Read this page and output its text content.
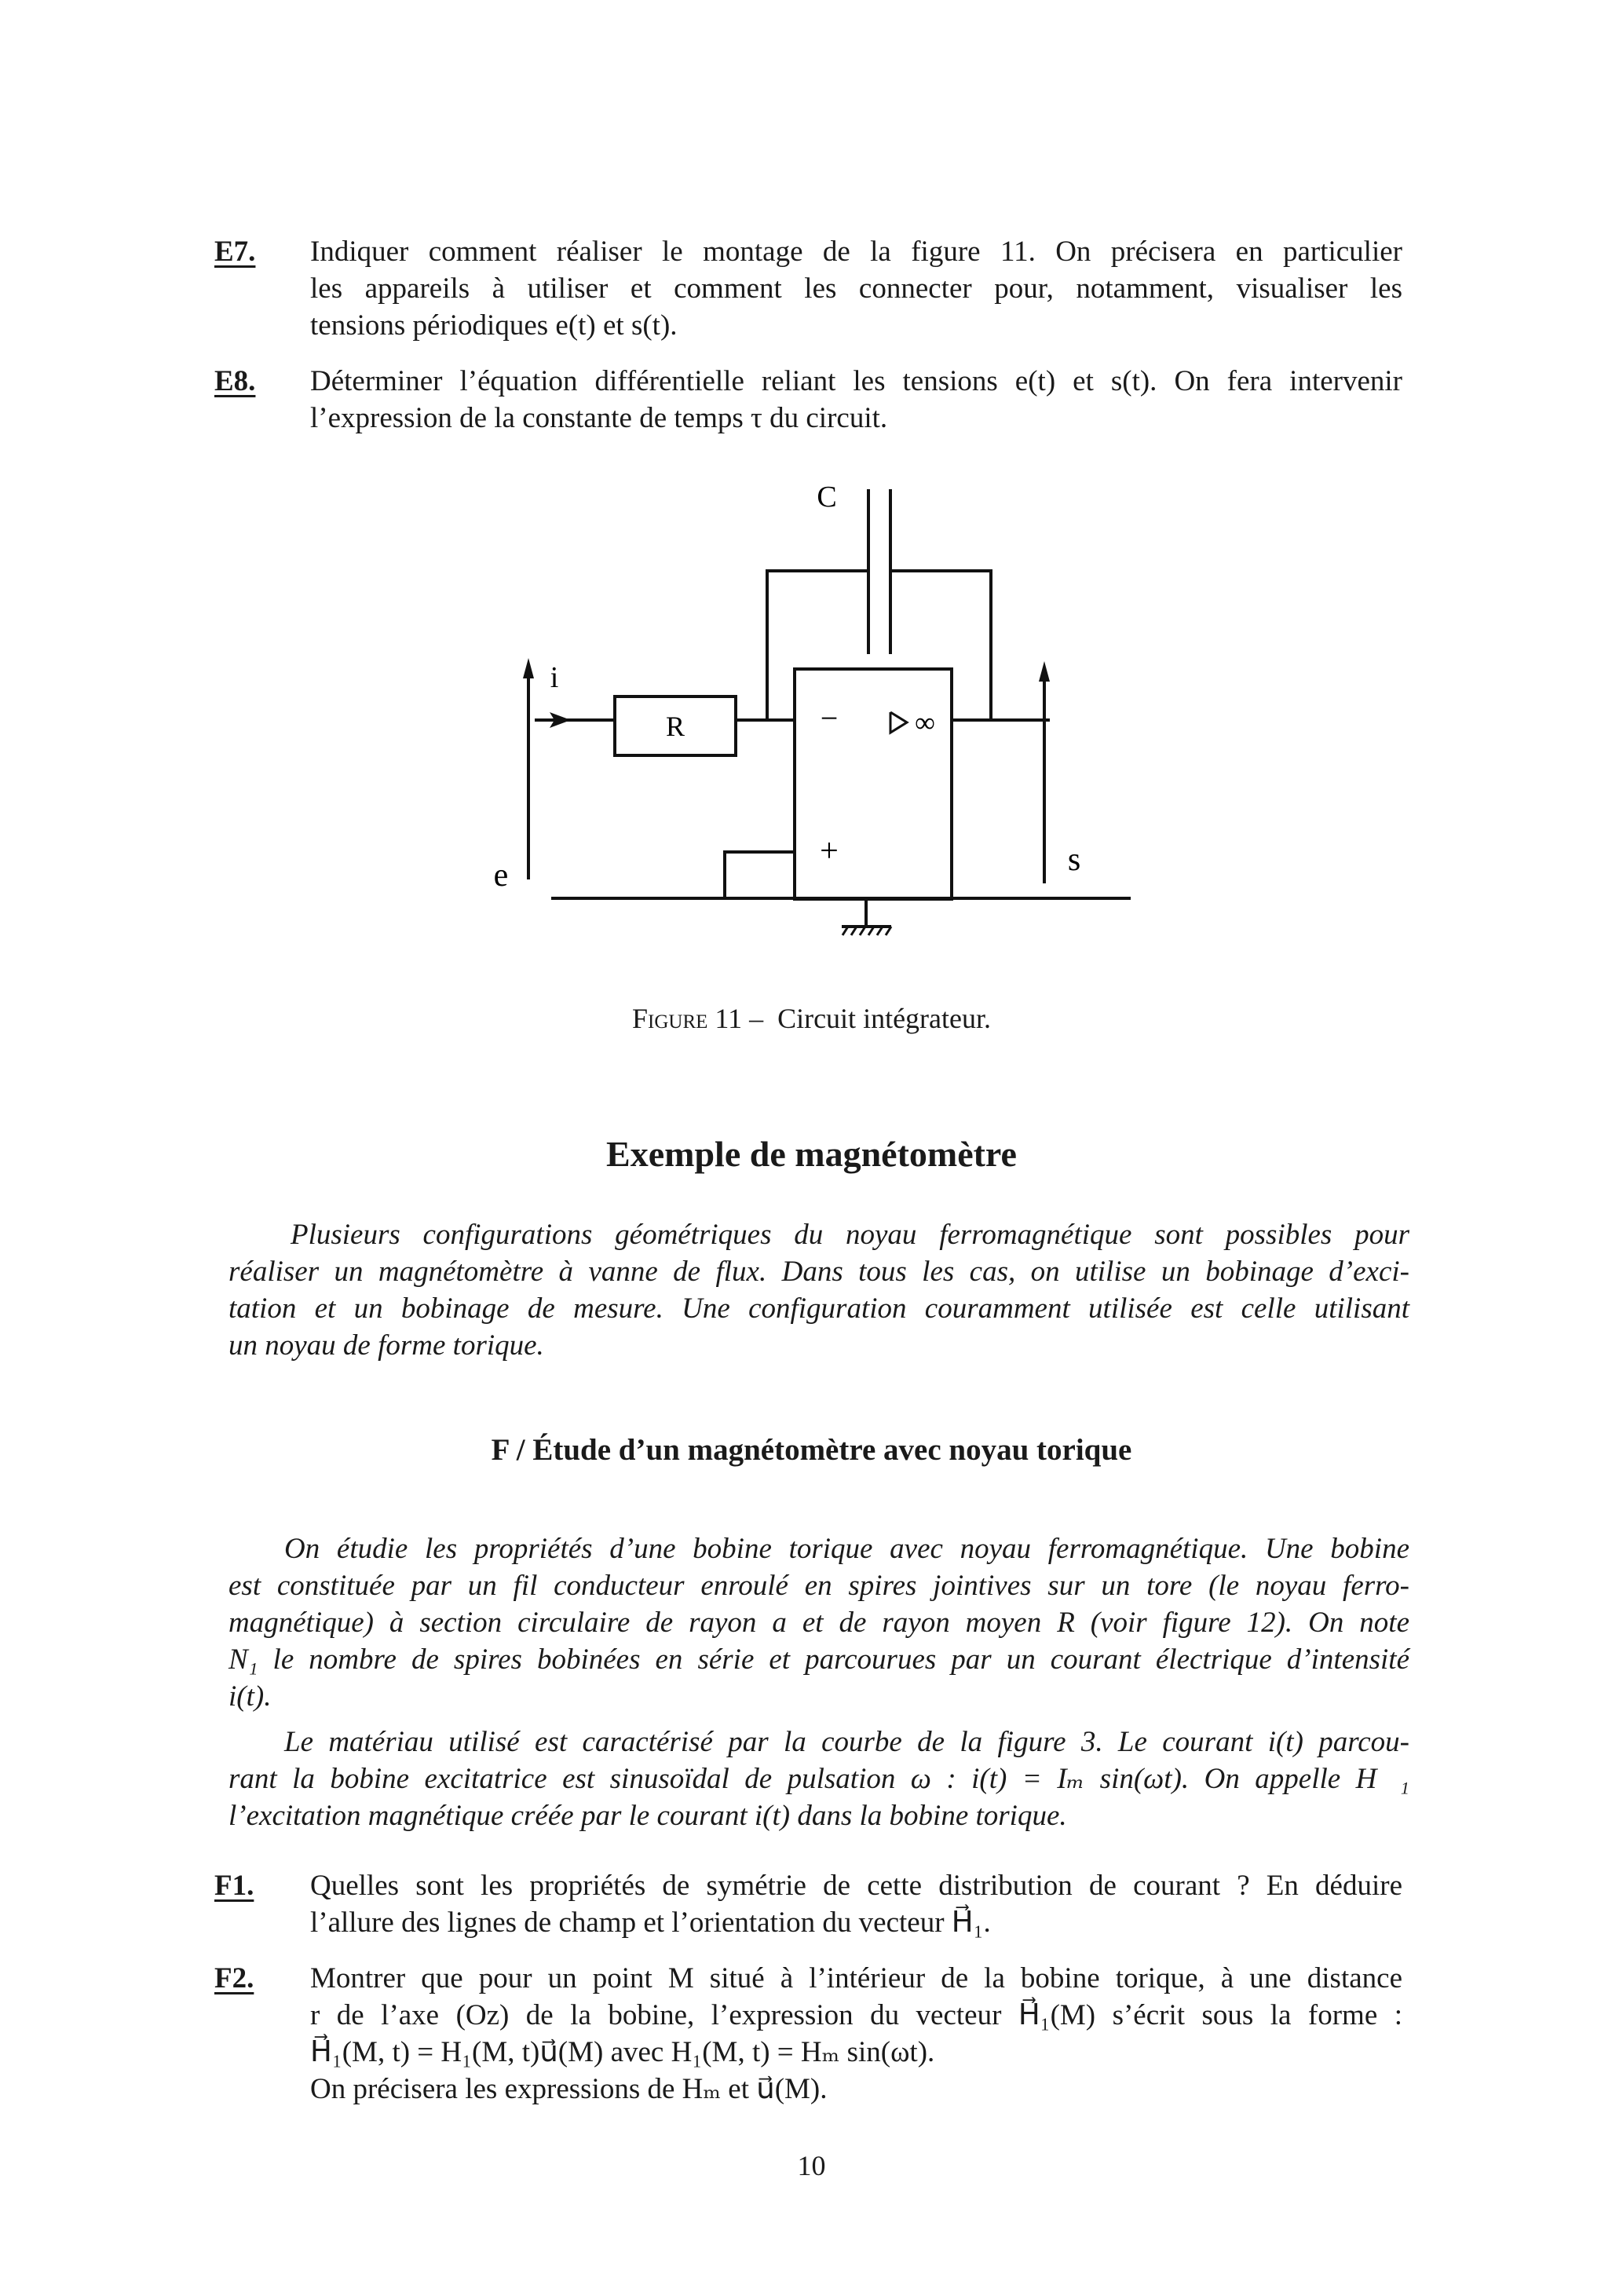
E7. Indiquer comment réaliser le montage de la figure 11. On précisera en particulier
les appareils à utiliser et comment les connecter pour, notamment, visualiser les
tensions périodiques e(t) et s(t).
E8. Déterminer l’équation différentielle reliant les tensions e(t) et s(t). On fera intervenir
l’expression de la constante de temps τ du circuit.
C
i
R	−
+
∞
e	s
Figure 11 – Circuit intégrateur.
Exemple de magnétomètre
Plusieurs configurations géométriques du noyau ferromagnétique sont possibles pour
réaliser un magnétomètre à vanne de flux. Dans tous les cas, on utilise un bobinage d’exci-
tation et un bobinage de mesure. Une configuration couramment utilisée est celle utilisant
un noyau de forme torique.
F / Étude d’un magnétomètre avec noyau torique
On étudie les propriétés d’une bobine torique avec noyau ferromagnétique. Une bobine
est constituée par un fil conducteur enroulé en spires jointives sur un tore (le noyau ferro-
magnétique) à section circulaire de rayon a et de rayon moyen R (voir figure 12). On note
N₁ le nombre de spires bobinées en série et parcourues par un courant électrique d’intensité
i(t).
Le matériau utilisé est caractérisé par la courbe de la figure 3. Le courant i(t) parcou-
rant la bobine excitatrice est sinusoïdal de pulsation ω : i(t) = Iₘ sin(ωt). On appelle H⃗₁
l’excitation magnétique créée par le courant i(t) dans la bobine torique.
F1. Quelles sont les propriétés de symétrie de cette distribution de courant ? En déduire
l’allure des lignes de champ et l’orientation du vecteur H⃗₁.
F2. Montrer que pour un point M situé à l’intérieur de la bobine torique, à une distance
r de l’axe (Oz) de la bobine, l’expression du vecteur H⃗₁(M) s’écrit sous la forme :
H⃗₁(M, t) = H₁(M, t)u⃗(M) avec H₁(M, t) = Hₘ sin(ωt).
On précisera les expressions de Hₘ et u⃗(M).
10
